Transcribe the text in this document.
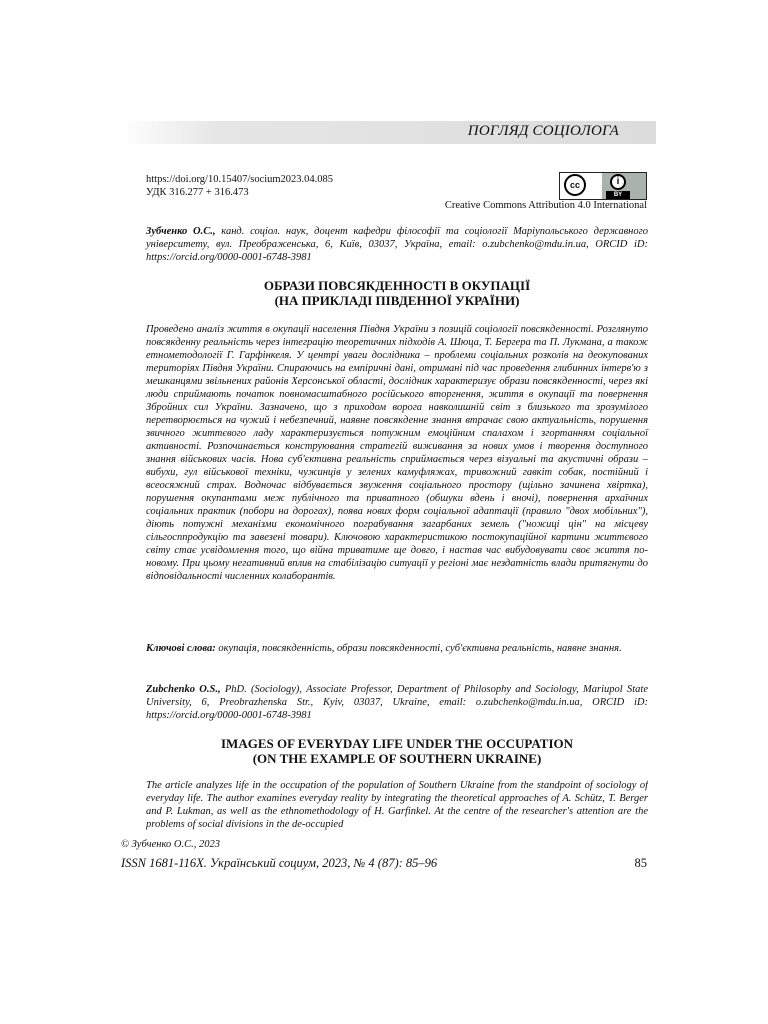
ПОГЛЯД СОЦІОЛОГА
https://doi.org/10.15407/socium2023.04.085
УДК 316.277 + 316.473
cc	i
BY
Creative Commons Attribution 4.0 International
Зубченко О.С., канд. соціол. наук, доцент кафедри філософії та соціології Маріупольського державного університету, вул. Преображенська, 6, Київ, 03037, Україна, email: o.zubchenko@mdu.in.ua, ORCID iD: https://orcid.org/0000-0001-6748-3981
ОБРАЗИ ПОВСЯКДЕННОСТІ В ОКУПАЦІЇ
(НА ПРИКЛАДІ ПІВДЕННОЇ УКРАЇНИ)
Проведено аналіз життя в окупації населення Півдня України з позицій соціології повсякденності. Розглянуто повсякденну реальність через інтеграцію теоретичних підходів А. Шюца, Т. Бергера та П. Лукмана, а також етнометодології Г. Гарфінкеля. У центрі уваги дослідника – проблеми соціальних розколів на деокупованих територіях Півдня України. Спираючись на емпіричні дані, отримані під час проведення глибинних інтерв'ю з мешканцями звільнених районів Херсонської області, дослідник характеризує образи повсякденності, через які люди сприймають початок повномасштабного російського вторгнення, життя в окупації та повернення Збройних сил України. Зазначено, що з приходом ворога навколишній світ з близького та зрозумілого перетворюється на чужий і небезпечний, наявне повсякденне знання втрачає свою актуальність, порушення звичного життєвого ладу характеризується потужним емоційним спалахом і згортанням соціальної активності. Розпочинається конструювання стратегій виживання за нових умов і творення доступного знання військових часів. Нова суб'єктивна реальність сприймається через візуальні та акустичні образи – вибухи, гул військової техніки, чужинців у зелених камуфляжах, тривожний гавкіт собак, постійний і всеосяжний страх. Водночас відбувається звуження соціального простору (щільно зачинена хвіртка), порушення окупантами меж публічного та приватного (обшуки вдень і вночі), повернення архаїчних соціальних практик (побори на дорогах), поява нових форм соціальної адаптації (правило "двох мобільних"), діють потужні механізми економічного пограбування загарбаних земель ("ножиці цін" на місцеву сільгосппродукцію та завезені товари). Ключовою характеристикою постокупаційної картини життєвого світу стає усвідомлення того, що війна триватиме ще довго, і настав час вибудовувати своє життя по-новому. При цьому негативний вплив на стабілізацію ситуації у регіоні має нездатність влади притягнути до відповідальності численних колаборантів.
Ключові слова: окупація, повсякденність, образи повсякденності, суб'єктивна реальність, наявне знання.
Zubchenko O.S., PhD. (Sociology), Associate Professor, Department of Philosophy and Sociology, Mariupol State University, 6, Preobrazhenska Str., Kyiv, 03037, Ukraine, email: o.zubchenko@mdu.in.ua, ORCID iD: https://orcid.org/0000-0001-6748-3981
IMAGES OF EVERYDAY LIFE UNDER THE OCCUPATION
(ON THE EXAMPLE OF SOUTHERN UKRAINE)
The article analyzes life in the occupation of the population of Southern Ukraine from the standpoint of sociology of everyday life. The author examines everyday reality by integrating the theoretical approaches of A. Schütz, T. Berger and P. Lukman, as well as the ethnomethodology of H. Garfinkel. At the centre of the researcher's attention are the problems of social divisions in the de-occupied
© Зубченко О.С., 2023
ISSN 1681-116X. Український социум, 2023, № 4 (87): 85–96	85
